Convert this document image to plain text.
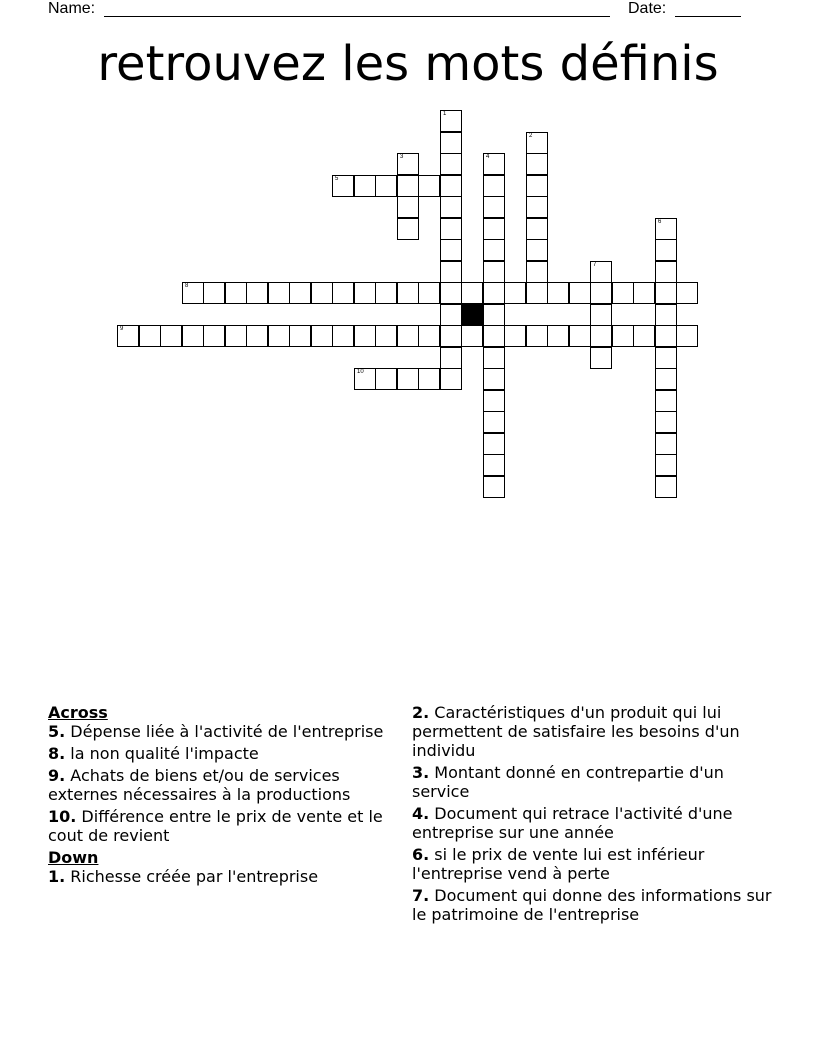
Name:	Date:
retrouvez les mots définis
1
2
3	4
5
6
7
8
9
10
Across
5. Dépense liée à l'activité de l'entreprise
8. la non qualité l'impacte
9. Achats de biens et/ou de services externes nécessaires à la productions
10. Différence entre le prix de vente et le cout de revient
Down
1. Richesse créée par l'entreprise
2. Caractéristiques d'un produit qui lui permettent de satisfaire les besoins d'un individu
3. Montant donné en contrepartie d'un service
4. Document qui retrace l'activité d'une entreprise sur une année
6. si le prix de vente lui est inférieur l'entreprise vend à perte
7. Document qui donne des informations sur le patrimoine de l'entreprise
